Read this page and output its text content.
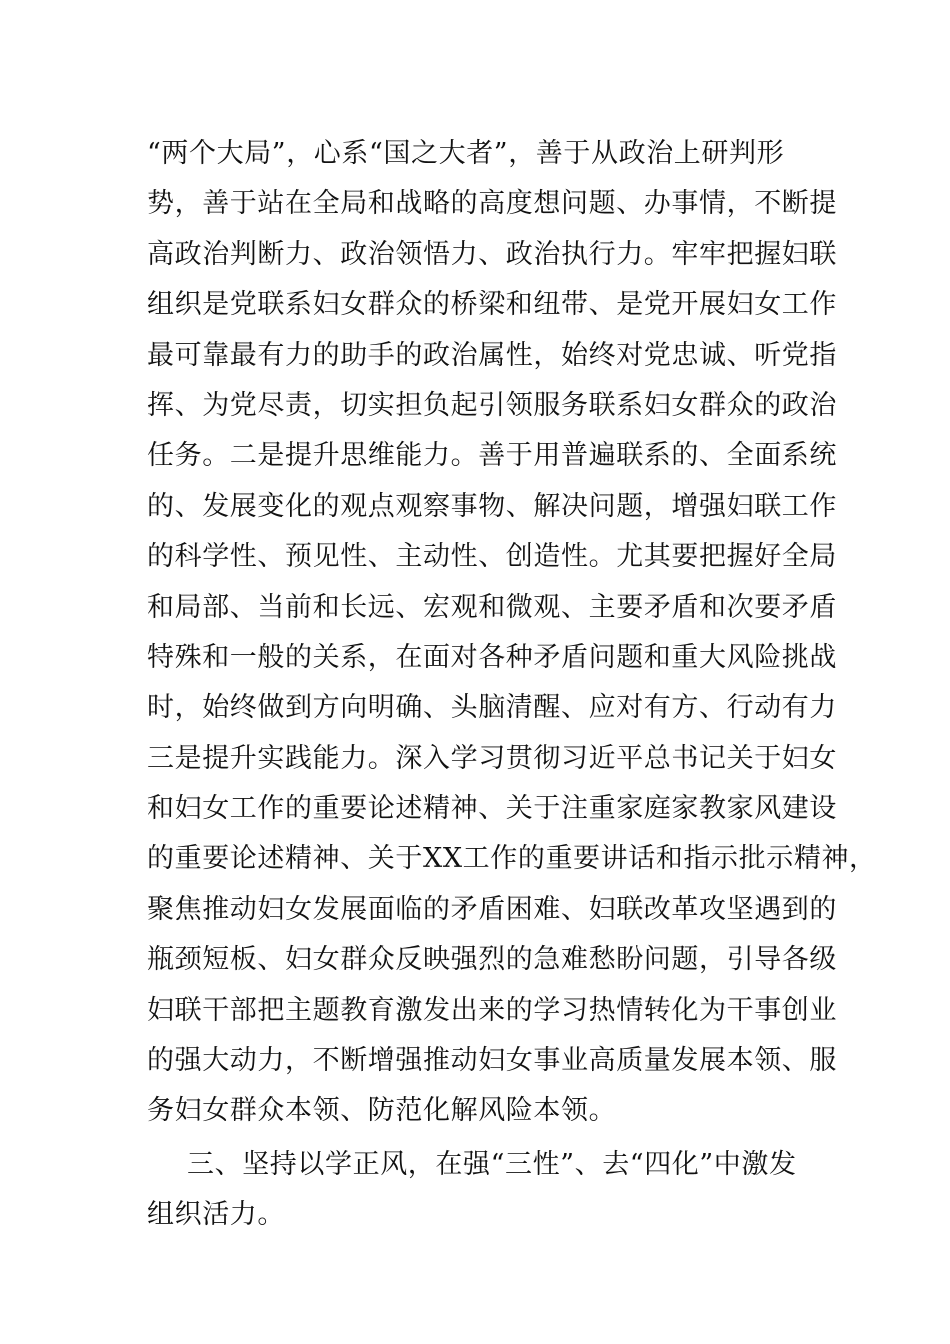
“两个大局”，心系“国之大者”，善于从政治上研判形
势，善于站在全局和战略的高度想问题、办事情，不断提
高政治判断力、政治领悟力、政治执行力。牢牢把握妇联
组织是党联系妇女群众的桥梁和纽带、是党开展妇女工作
最可靠最有力的助手的政治属性，始终对党忠诚、听党指
挥、为党尽责，切实担负起引领服务联系妇女群众的政治
任务。二是提升思维能力。善于用普遍联系的、全面系统
的、发展变化的观点观察事物、解决问题，增强妇联工作
的科学性、预见性、主动性、创造性。尤其要把握好全局
和局部、当前和长远、宏观和微观、主要矛盾和次要矛盾
特殊和一般的关系，在面对各种矛盾问题和重大风险挑战
时，始终做到方向明确、头脑清醒、应对有方、行动有力
三是提升实践能力。深入学习贯彻习近平总书记关于妇女
和妇女工作的重要论述精神、关于注重家庭家教家风建设
的重要论述精神、关于XX工作的重要讲话和指示批示精神，
聚焦推动妇女发展面临的矛盾困难、妇联改革攻坚遇到的
瓶颈短板、妇女群众反映强烈的急难愁盼问题，引导各级
妇联干部把主题教育激发出来的学习热情转化为干事创业
的强大动力，不断增强推动妇女事业高质量发展本领、服
务妇女群众本领、防范化解风险本领。
三、坚持以学正风，在强“三性”、去“四化”中激发
组织活力。
